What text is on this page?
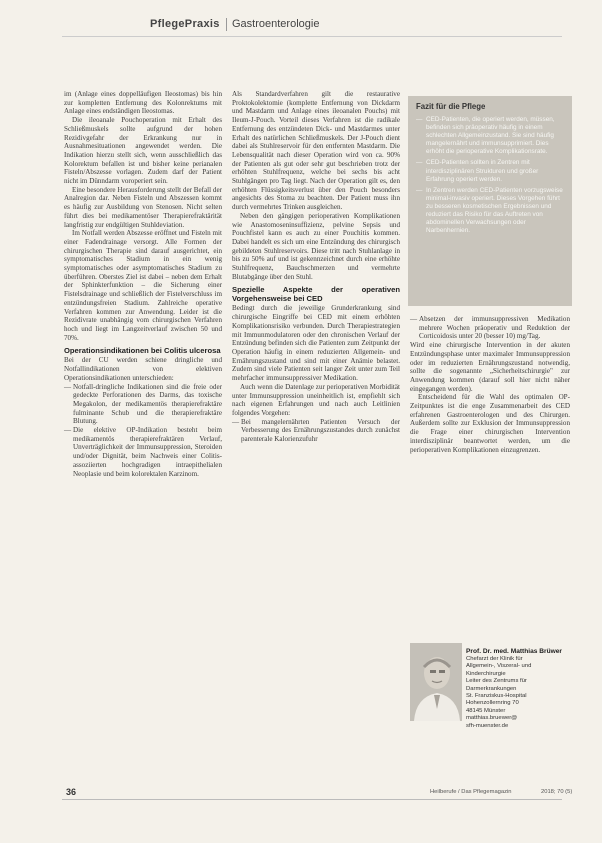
PflegePraxis Gastroenterologie

im (Anlage eines doppelläufigen Ileostomas) bis hin zur kompletten Entfernung des Kolonrektums mit Anlage eines endständigen Ileostomas.

Die ileoanale Pouchoperation mit Erhalt des Schließmuskels sollte aufgrund der hohen Rezidivgefahr der Erkrankung nur in Ausnahmesituationen angewendet werden. Die Indikation hierzu stellt sich, wenn ausschließlich das Kolorektum befallen ist und bisher keine perianalen Fisteln/Abszesse vorlagen. Zudem darf der Patient nicht im Dünndarm voroperiert sein.

Eine besondere Herausforderung stellt der Befall der Analregion dar. Neben Fisteln und Abszessen kommt es häufig zur Ausbildung von Stenosen. Nicht selten führt dies bei medikamentöser Therapierefraktärität langfristig zur endgültigen Stuhldeviation.

Im Notfall werden Abszesse eröffnet und Fisteln mit einer Fadendrainage versorgt. Alle Formen der chirurgischen Therapie sind darauf ausgerichtet, ein symptomatisches Stadium in ein wenig symptomatisches oder asymptomatisches Stadium zu überführen. Oberstes Ziel ist dabei – neben dem Erhalt der Sphinkterfunktion – die Sicherung einer Fistelsdrainage und schließlich der Fistelverschluss im entzündungsfreien Stadium. Zahlreiche operative Verfahren kommen zur Anwendung. Leider ist die Rezidivrate unabhängig vom chirurgischen Verfahren hoch und liegt im Langzeitverlauf zwischen 50 und 70%.

Operationsindikationen bei Colitis ulcerosa

Bei der CU werden schiene dringliche und Notfallindikationen von elektiven Operationsindikationen unterschieden:

— Notfall-dringliche Indikationen sind die freie oder gedeckte Perforationen des Darms, das toxische Megakolon, der medikamentös therapierefraktäre fulminante Schub und die therapierefraktäre Blutung.
— Die elektive OP-Indikation besteht beim medikamentös therapierefraktären Verlauf, Unverträglichkeit der Immunsuppression, Steroiden und/oder Dignität, beim Nachweis einer Colitis-assoziierten hochgradigen intraepithelialen Neoplasie und beim kolorektalen Karzinom.

Als Standardverfahren gilt die restaurative Proktokolektomie (komplette Entfernung von Dickdarm und Mastdarm und Anlage eines ileoanalen Pouchs) mit Ileum-J-Pouch. Vorteil dieses Verfahren ist die radikale Entfernung des entzündeten Dick- und Mastdarmes unter Erhalt des natürlichen Schließmuskels. Der J-Pouch dient dabei als Stuhlreservoir für den entfernten Mastdarm. Die Lebensqualität nach dieser Operation wird von ca. 90% der Patienten als gut oder sehr gut beschrieben trotz der erhöhten Stuhlfrequenz, welche bei sechs bis acht Stuhlgängen pro Tag liegt. Nach der Operation gilt es, den erhöhten Flüssigkeitsverlust über den Pouch besonders angesichts des Stoma zu beachten. Der Patient muss ihn durch vermehrtes Trinken ausgleichen.

Neben den gängigen perioperativen Komplikationen wie Anastomoseninsuffizienz, pelvine Sepsis und Pouchfistel kann es auch zu einer Pouchitis kommen. Dabei handelt es sich um eine Entzündung des chirurgisch gebildeten Stuhlreservoirs. Diese tritt nach Stuhlanlage in bis zu 50% auf und ist gekennzeichnet durch eine erhöhte Stuhlfrequenz, Bauchschmerzen und vermehrte Blutabgänge über den Stuhl.

Spezielle Aspekte der operativen Vorgehensweise bei CED

Bedingt durch die jeweilige Grunderkrankung sind chirurgische Eingriffe bei CED mit einem erhöhten Komplikationsrisiko verbunden. Durch Therapiestrategien mit Immunmodulatoren oder den chronischen Verlauf der Entzündung befinden sich die Patienten zum Zeitpunkt der Operation häufig in einem reduzierten Allgemein- und Ernährungszustand und sind mit einer Anämie belastet. Zudem sind viele Patienten seit langer Zeit unter zum Teil mehrfacher immunsuppressiver Medikation.

Auch wenn die Datenlage zur perioperativen Morbidität unter Immunsuppression uneinheitlich ist, empfiehlt sich nach eigenen Erfahrungen und nach auch Leitlinien folgendes Vorgehen:

— Bei mangelernährten Patienten Versuch der Verbesserung des Ernährungszustandes durch zunächst parenterale Kalorienzufuhr
Fazit für die Pflege
— CED-Patienten, die operiert werden, müssen, befinden sich präoperativ häufig in einem schlechten Allgemeinzustand. Sie sind häufig mangelernährt und immunsupprimiert. Dies erhöht die perioperative Komplikationsrate.
— CED-Patienten sollten in Zentren mit interdisziplinären Strukturen und großer Erfahrung operiert werden.
— In Zentren werden CED-Patienten vorzugsweise minimal-invasiv operiert. Dieses Vorgehen führt zu besseren kosmetischen Ergebnissen und reduziert das Risiko für das Auftreten von abdominellen Verwachsungen oder Narbenhernien.
— Absetzen der immunsuppressiven Medikation mehrere Wochen präoperativ und Reduktion der Corticoidosis unter 20 (besser 10) mg/Tag.

Wird eine chirurgische Intervention in der akuten Entzündungsphase unter maximaler Immunsuppression oder im reduzierten Ernährungszustand notwendig, sollte die sogenannte „Sicherheitschirurgie" zur Anwendung kommen (darauf soll hier nicht näher eingegangen werden).

Entscheidend für die Wahl des optimalen OP-Zeitpunktes ist die enge Zusammenarbeit des CED erfahrenen Gastroenterologen und des Chirurgen. Außerdem sollte zur Exklusion der Immunsuppression die Frage einer chirurgischen Intervention interdisziplinär beantwortet werden, um die perioperativen Komplikationen einzugrenzen.

Prof. Dr. med. Matthias Brüwer
Chefarzt der Klinik für
Allgemein-, Viszeral- und
Kinderchirurgie
Leiter des Zentrums für
Darmerkrankungen
St. Franziskus-Hospital
Hohenzollernring 70
48145 Münster
matthias.bruewer@
sfh-muenster.de
36	Heilberufe / Das Pflegemagazin	2018; 70 (5)
